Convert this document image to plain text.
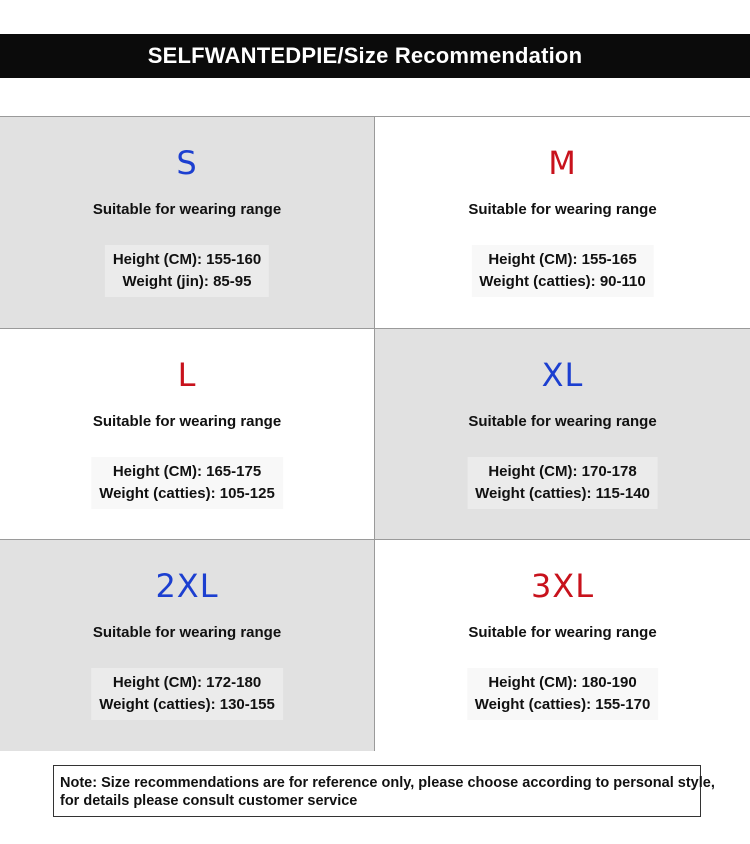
SELFWANTEDPIE/Size Recommendation
S
Suitable for wearing range
Height (CM): 155-160
Weight (jin): 85-95
M
Suitable for wearing range
Height (CM): 155-165
Weight (catties): 90-110
L
Suitable for wearing range
Height (CM): 165-175
Weight (catties): 105-125
XL
Suitable for wearing range
Height (CM): 170-178
Weight (catties): 115-140
2XL
Suitable for wearing range
Height (CM): 172-180
Weight (catties): 130-155
3XL
Suitable for wearing range
Height (CM): 180-190
Weight (catties): 155-170
Note: Size recommendations are for reference only, please choose according to personal style,
for details please consult customer service
